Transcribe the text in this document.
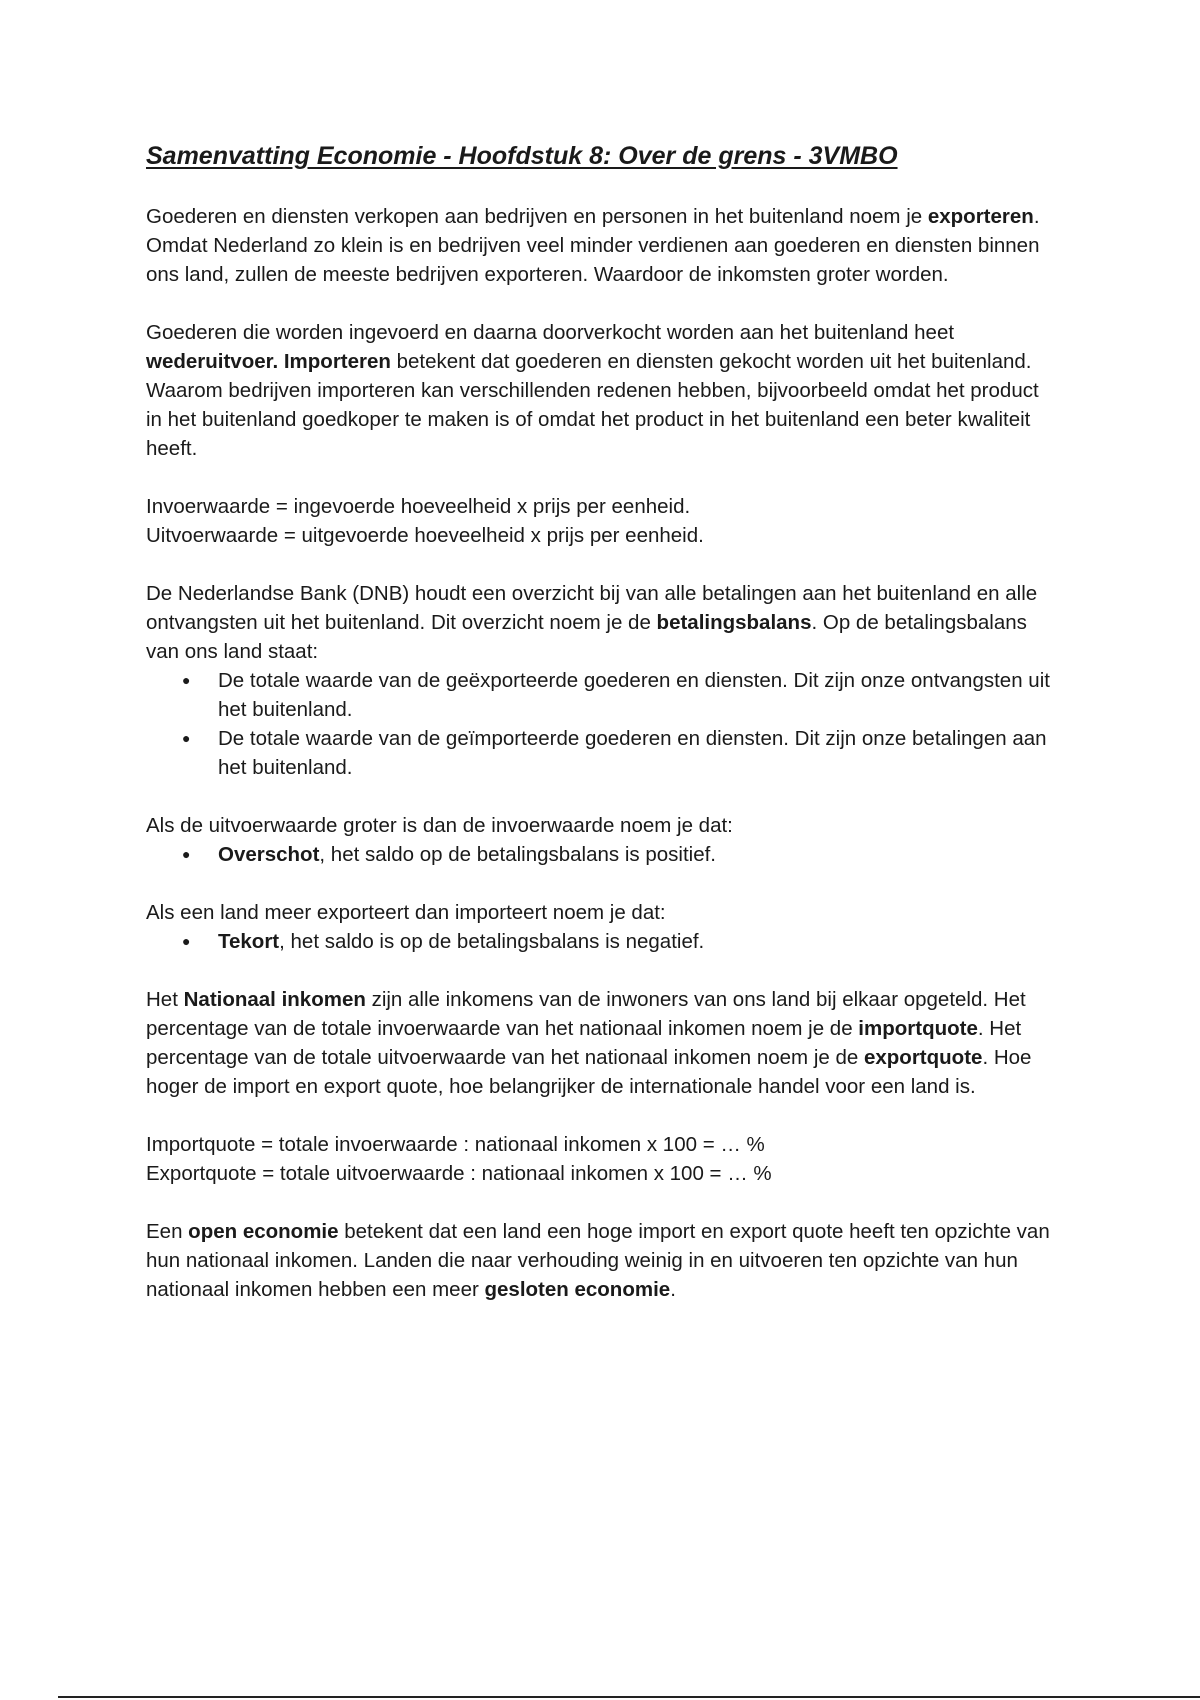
Samenvatting Economie - Hoofdstuk 8: Over de grens - 3VMBO

Goederen en diensten verkopen aan bedrijven en personen in het buitenland noem je exporteren. Omdat Nederland zo klein is en bedrijven veel minder verdienen aan goederen en diensten binnen ons land, zullen de meeste bedrijven exporteren. Waardoor de inkomsten groter worden.

Goederen die worden ingevoerd en daarna doorverkocht worden aan het buitenland heet wederuitvoer. Importeren betekent dat goederen en diensten gekocht worden uit het buitenland. Waarom bedrijven importeren kan verschillenden redenen hebben, bijvoorbeeld omdat het product in het buitenland goedkoper te maken is of omdat het product in het buitenland een beter kwaliteit heeft.

Invoerwaarde = ingevoerde hoeveelheid x prijs per eenheid.
Uitvoerwaarde = uitgevoerde hoeveelheid x prijs per eenheid.

De Nederlandse Bank (DNB) houdt een overzicht bij van alle betalingen aan het buitenland en alle ontvangsten uit het buitenland. Dit overzicht noem je de betalingsbalans. Op de betalingsbalans van ons land staat:

● De totale waarde van de geëxporteerde goederen en diensten. Dit zijn onze ontvangsten uit het buitenland.
● De totale waarde van de geïmporteerde goederen en diensten. Dit zijn onze betalingen aan het buitenland.

Als de uitvoerwaarde groter is dan de invoerwaarde noem je dat:

● Overschot, het saldo op de betalingsbalans is positief.

Als een land meer exporteert dan importeert noem je dat:

● Tekort, het saldo is op de betalingsbalans is negatief.

Het Nationaal inkomen zijn alle inkomens van de inwoners van ons land bij elkaar opgeteld. Het percentage van de totale invoerwaarde van het nationaal inkomen noem je de importquote. Het percentage van de totale uitvoerwaarde van het nationaal inkomen noem je de exportquote. Hoe hoger de import en export quote, hoe belangrijker de internationale handel voor een land is.

Importquote = totale invoerwaarde : nationaal inkomen x 100 = … %
Exportquote = totale uitvoerwaarde : nationaal inkomen x 100 = … %

Een open economie betekent dat een land een hoge import en export quote heeft ten opzichte van hun nationaal inkomen. Landen die naar verhouding weinig in en uitvoeren ten opzichte van hun nationaal inkomen hebben een meer gesloten economie.
